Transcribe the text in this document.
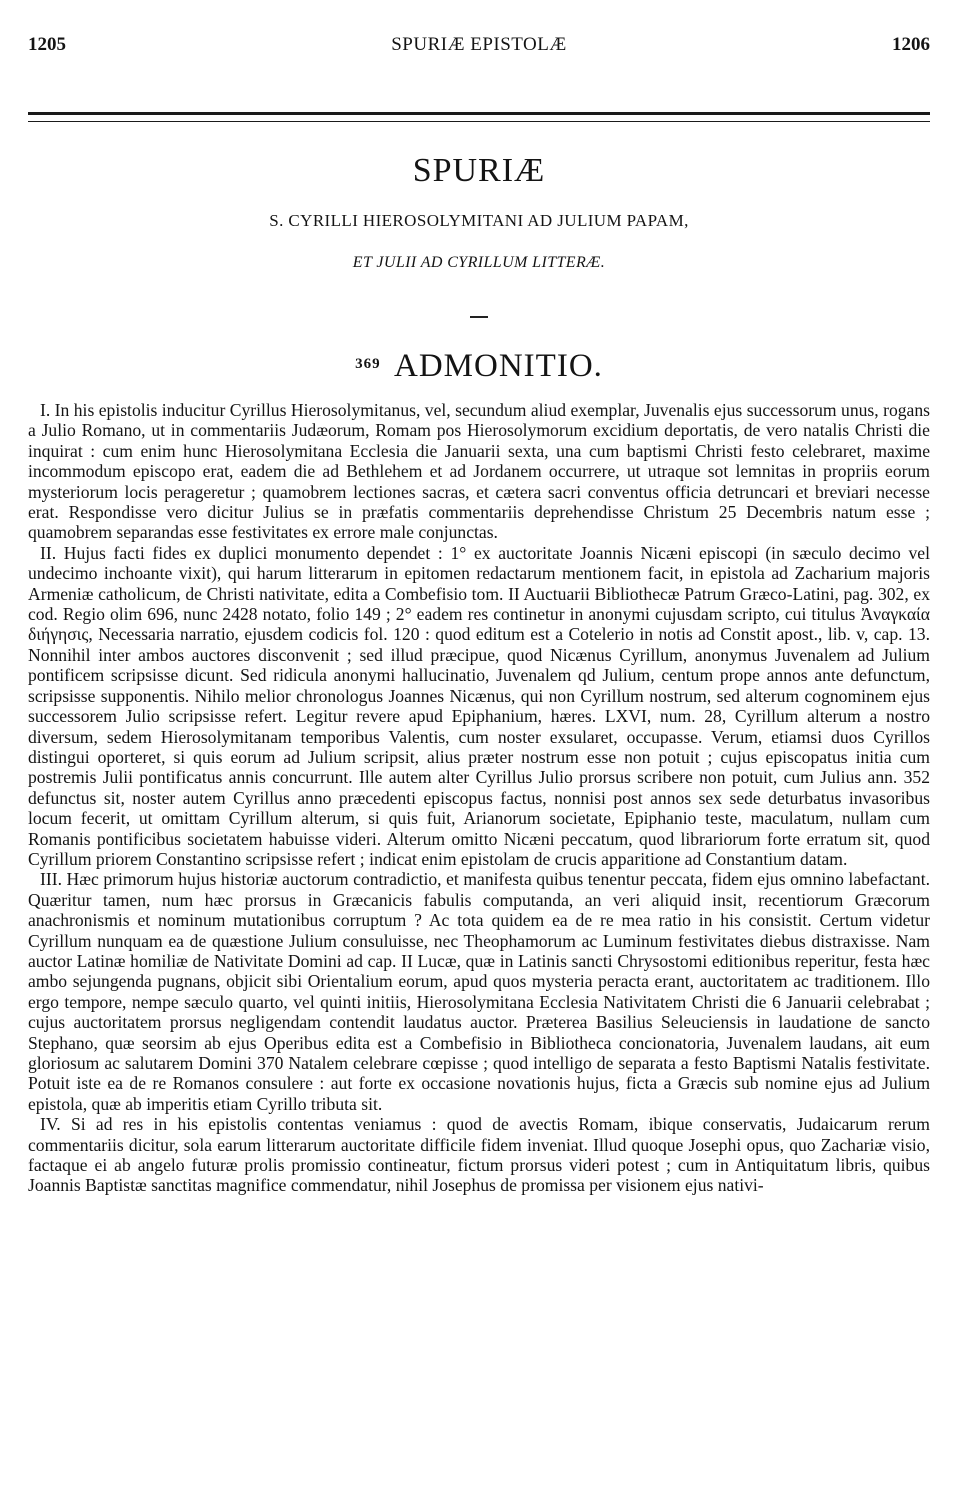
1205	SPURIÆ EPISTOLÆ	1206
SPURIÆ
S. CYRILLI HIEROSOLYMITANI AD JULIUM PAPAM,
ET JULII AD CYRILLUM LITTERÆ.
$^{369}$ ADMONITIO.

I. In his epistolis inducitur Cyrillus Hierosolymitanus, vel, secundum aliud exemplar, Juvenalis ejus successorum unus, rogans a Julio Romano, ut in commentariis Judæorum, Romam pos Hierosolymorum excidium deportatis, de vero natalis Christi die inquirat : cum enim hunc Hierosolymitana Ecclesia die Januarii sexta, una cum baptismi Christi festo celebraret, maxime incommodum episcopo erat, eadem die ad Bethlehem et ad Jordanem occurrere, ut utraque sot lemnitas in propriis eorum mysteriorum locis perageretur ; quamobrem lectiones sacras, et cætera sacri conventus officia detruncari et breviari necesse erat. Respondisse vero dicitur Julius se in præfatis commentariis deprehendisse Christum 25 Decembris natum esse ; quamobrem separandas esse festivitates ex errore male conjunctas.

II. Hujus facti fides ex duplici monumento dependet : 1° ex auctoritate Joannis Nicæni episcopi (in sæculo decimo vel undecimo inchoante vixit), qui harum litterarum in epitomen redactarum mentionem facit, in epistola ad Zacharium majoris Armeniæ catholicum, de Christi nativitate, edita a Combefisio tom. II Auctuarii Bibliothecæ Patrum Græco-Latini, pag. 302, ex cod. Regio olim 696, nunc 2428 notato, folio 149 ; 2° eadem res continetur in anonymi cujusdam scripto, cui titulus Ἀναγκαία διήγησις, Necessaria narratio, ejusdem codicis fol. 120 : quod editum est a Cotelerio in notis ad Constit apost., lib. v, cap. 13. Nonnihil inter ambos auctores disconvenit ; sed illud præcipue, quod Nicænus Cyrillum, anonymus Juvenalem ad Julium pontificem scripsisse dicunt. Sed ridicula anonymi hallucinatio, Juvenalem qd Julium, centum prope annos ante defunctum, scripsisse supponentis. Nihilo melior chronologus Joannes Nicænus, qui non Cyrillum nostrum, sed alterum cognominem ejus successorem Julio scripsisse refert. Legitur revere apud Epiphanium, hæres. LXVI, num. 28, Cyrillum alterum a nostro diversum, sedem Hierosolymitanam temporibus Valentis, cum noster exsularet, occupasse. Verum, etiamsi duos Cyrillos distingui oporteret, si quis eorum ad Julium scripsit, alius præter nostrum esse non potuit ; cujus episcopatus initia cum postremis Julii pontificatus annis concurrunt. Ille autem alter Cyrillus Julio prorsus scribere non potuit, cum Julius ann. 352 defunctus sit, noster autem Cyrillus anno præcedenti episcopus factus, nonnisi post annos sex sede deturbatus invasoribus locum fecerit, ut omittam Cyrillum alterum, si quis fuit, Arianorum societate, Epiphanio teste, maculatum, nullam cum Romanis pontificibus societatem habuisse videri. Alterum omitto Nicæni peccatum, quod librariorum forte erratum sit, quod Cyrillum priorem Constantino scripsisse refert ; indicat enim epistolam de crucis apparitione ad Constantium datam.

III. Hæc primorum hujus historiæ auctorum contradictio, et manifesta quibus tenentur peccata, fidem ejus omnino labefactant. Quæritur tamen, num hæc prorsus in Græcanicis fabulis computanda, an veri aliquid insit, recentiorum Græcorum anachronismis et nominum mutationibus corruptum ? Ac tota quidem ea de re mea ratio in his consistit. Certum videtur Cyrillum nunquam ea de quæstione Julium consuluisse, nec Theophamorum ac Luminum festivitates diebus distraxisse. Nam auctor Latinæ homiliæ de Nativitate Domini ad cap. II Lucæ, quæ in Latinis sancti Chrysostomi editionibus reperitur, festa hæc ambo sejungenda pugnans, objicit sibi Orientalium eorum, apud quos mysteria peracta erant, auctoritatem ac traditionem. Illo ergo tempore, nempe sæculo quarto, vel quinti initiis, Hierosolymitana Ecclesia Nativitatem Christi die 6 Januarii celebrabat ; cujus auctoritatem prorsus negligendam contendit laudatus auctor. Præterea Basilius Seleuciensis in laudatione de sancto Stephano, quæ seorsim ab ejus Operibus edita est a Combefisio in Bibliotheca concionatoria, Juvenalem laudans, ait eum gloriosum ac salutarem Domini 370 Natalem celebrare cœpisse ; quod intelligo de separata a festo Baptismi Natalis festivitate. Potuit iste ea de re Romanos consulere : aut forte ex occasione novationis hujus, ficta a Græcis sub nomine ejus ad Julium epistola, quæ ab imperitis etiam Cyrillo tributa sit.

IV. Si ad res in his epistolis contentas veniamus : quod de avectis Romam, ibique conservatis, Judaicarum rerum commentariis dicitur, sola earum litterarum auctoritate difficile fidem inveniat. Illud quoque Josephi opus, quo Zachariæ visio, factaque ei ab angelo futuræ prolis promissio contineatur, fictum prorsus videri potest ; cum in Antiquitatum libris, quibus Joannis Baptistæ sanctitas magnifice commendatur, nihil Josephus de promissa per visionem ejus nativi-
